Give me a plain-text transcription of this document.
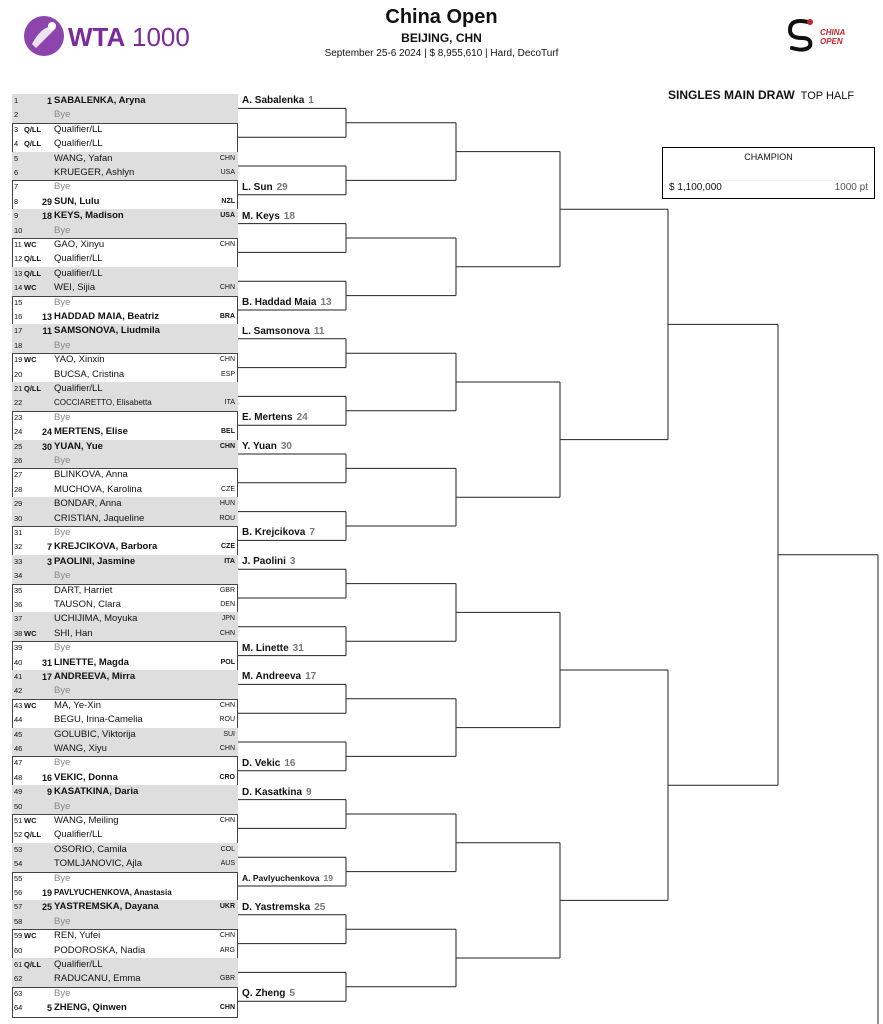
WTA 1000
China Open
BEIJING, CHN
September 25-6 2024 | $ 8,955,610 | Hard, DecoTurf
CHINA OPEN
SINGLES MAIN DRAW TOP HALF
CHAMPION
$ 1,100,000	1000 pt
1	1 SABALENKA, Aryna
2	Bye
3 Q/LL	Qualifier/LL
4 Q/LL	Qualifier/LL
5	WANG, Yafan	CHN
6	KRUEGER, Ashlyn	USA
7	Bye
8	29 SUN, Lulu	NZL
9	18 KEYS, Madison	USA
10	Bye
11 WC	GAO, Xinyu	CHN
12 Q/LL	Qualifier/LL
13 Q/LL	Qualifier/LL
14 WC	WEI, Sijia	CHN
15	Bye
16	13 HADDAD MAIA, Beatriz	BRA
17	11 SAMSONOVA, Liudmila
18	Bye
19 WC	YAO, Xinxin	CHN
20	BUCSA, Cristina	ESP
21 Q/LL	Qualifier/LL
22	COCCIARETTO, Elisabetta	ITA
23	Bye
24	24 MERTENS, Elise	BEL
25	30 YUAN, Yue	CHN
26	Bye
27	BLINKOVA, Anna
28	MUCHOVA, Karolina	CZE
29	BONDAR, Anna	HUN
30	CRISTIAN, Jaqueline	ROU
31	Bye
32	7 KREJCIKOVA, Barbora	CZE
33	3 PAOLINI, Jasmine	ITA
34	Bye
35	DART, Harriet	GBR
36	TAUSON, Clara	DEN
37	UCHIJIMA, Moyuka	JPN
38 WC	SHI, Han	CHN
39	Bye
40	31 LINETTE, Magda	POL
41	17 ANDREEVA, Mirra
42	Bye
43 WC	MA, Ye-Xin	CHN
44	BEGU, Irina-Camelia	ROU
45	GOLUBIC, Viktorija	SUI
46	WANG, Xiyu	CHN
47	Bye
48	16 VEKIC, Donna	CRO
49	9 KASATKINA, Daria
50	Bye
51 WC	WANG, Meiling	CHN
52 Q/LL	Qualifier/LL
53	OSORIO, Camila	COL
54	TOMLJANOVIC, Ajla	AUS
55	Bye
56	19 PAVLYUCHENKOVA, Anastasia
57	25 YASTREMSKA, Dayana	UKR
58	Bye
59 WC	REN, Yufei	CHN
60	PODOROSKA, Nadia	ARG
61 Q/LL	Qualifier/LL
62	RADUCANU, Emma	GBR
63	Bye
64	5 ZHENG, Qinwen	CHN
A. Sabalenka 1
L. Sun 29
M. Keys 18
B. Haddad Maia 13
L. Samsonova 11
E. Mertens 24
Y. Yuan 30
B. Krejcikova 7
J. Paolini 3
M. Linette 31
M. Andreeva 17
D. Vekic 16
D. Kasatkina 9
A. Pavlyuchenkova 19
D. Yastremska 25
Q. Zheng 5
